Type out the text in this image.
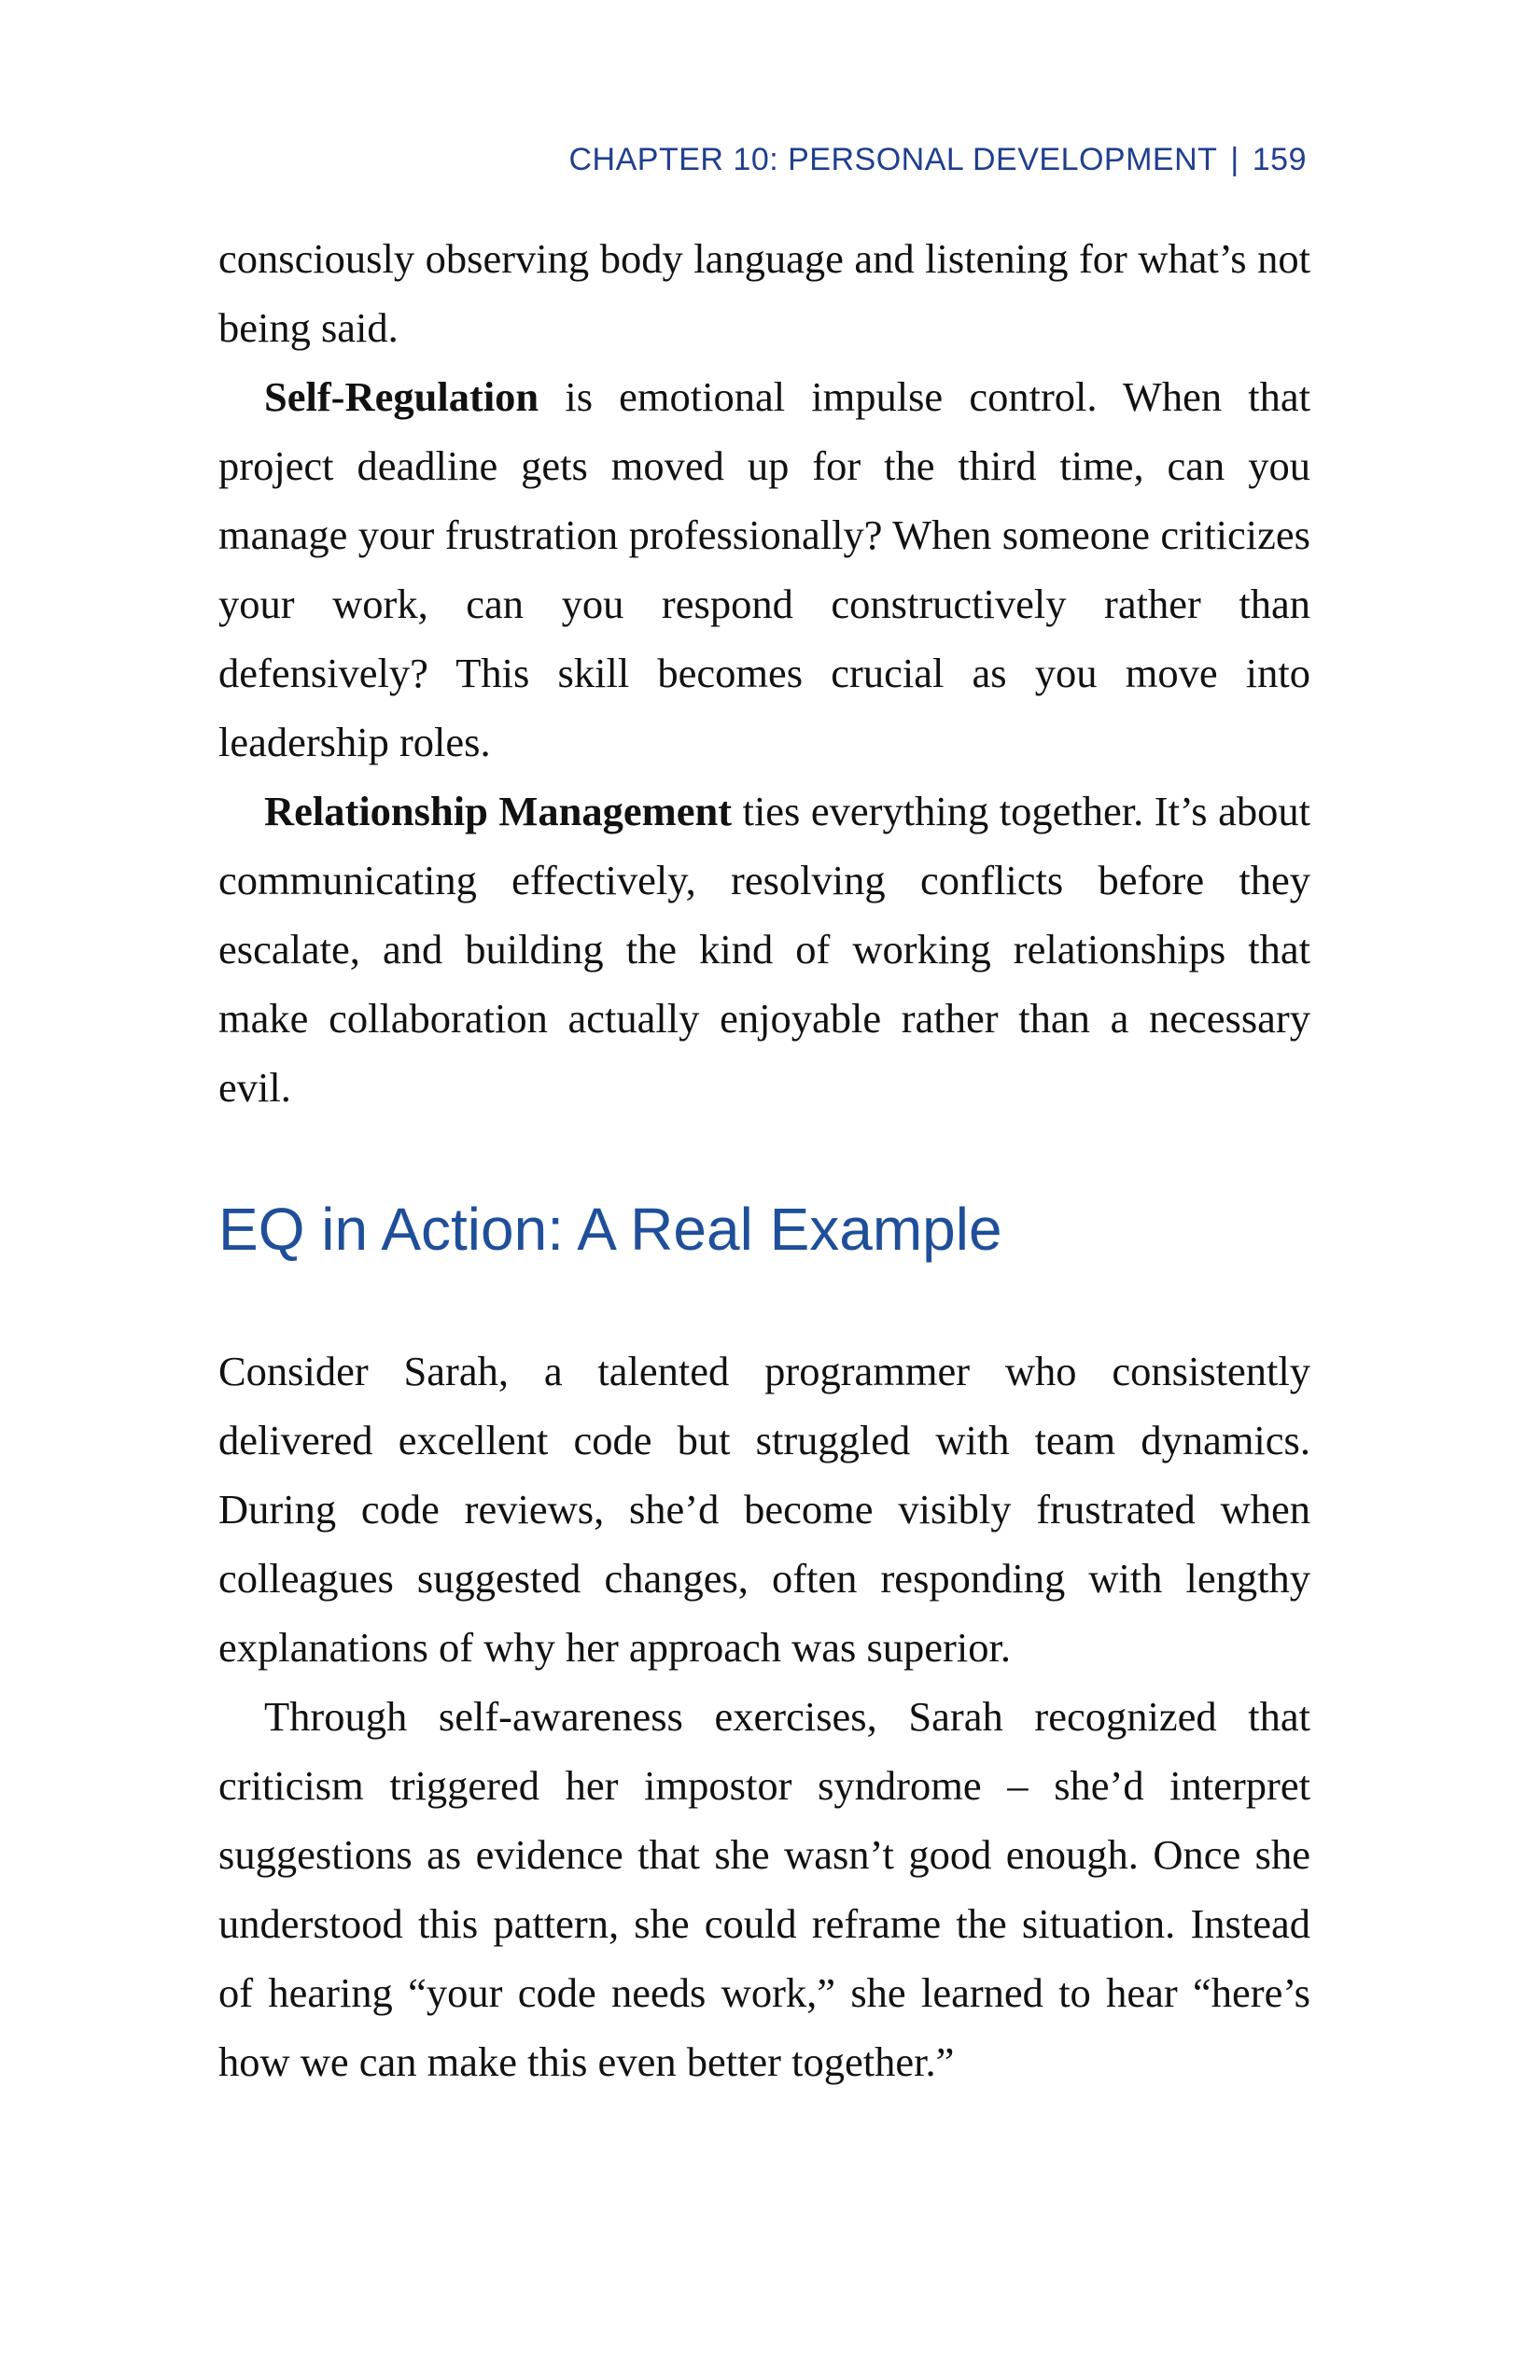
CHAPTER 10: PERSONAL DEVELOPMENT | 159

consciously observing body language and listening for what’s not being said.

Self-Regulation is emotional impulse control. When that project deadline gets moved up for the third time, can you manage your frustration professionally? When someone criticizes your work, can you respond constructively rather than defensively? This skill becomes crucial as you move into leadership roles.

Relationship Management ties everything together. It’s about communicating effectively, resolving conflicts before they escalate, and building the kind of working relationships that make collaboration actually enjoyable rather than a necessary evil.

EQ in Action: A Real Example

Consider Sarah, a talented programmer who consistently delivered excellent code but struggled with team dynamics. During code reviews, she’d become visibly frustrated when colleagues suggested changes, often responding with lengthy explanations of why her approach was superior.

Through self-awareness exercises, Sarah recognized that criticism triggered her impostor syndrome – she’d interpret suggestions as evidence that she wasn’t good enough. Once she understood this pattern, she could reframe the situation. Instead of hearing “your code needs work,” she learned to hear “here’s how we can make this even better together.”
